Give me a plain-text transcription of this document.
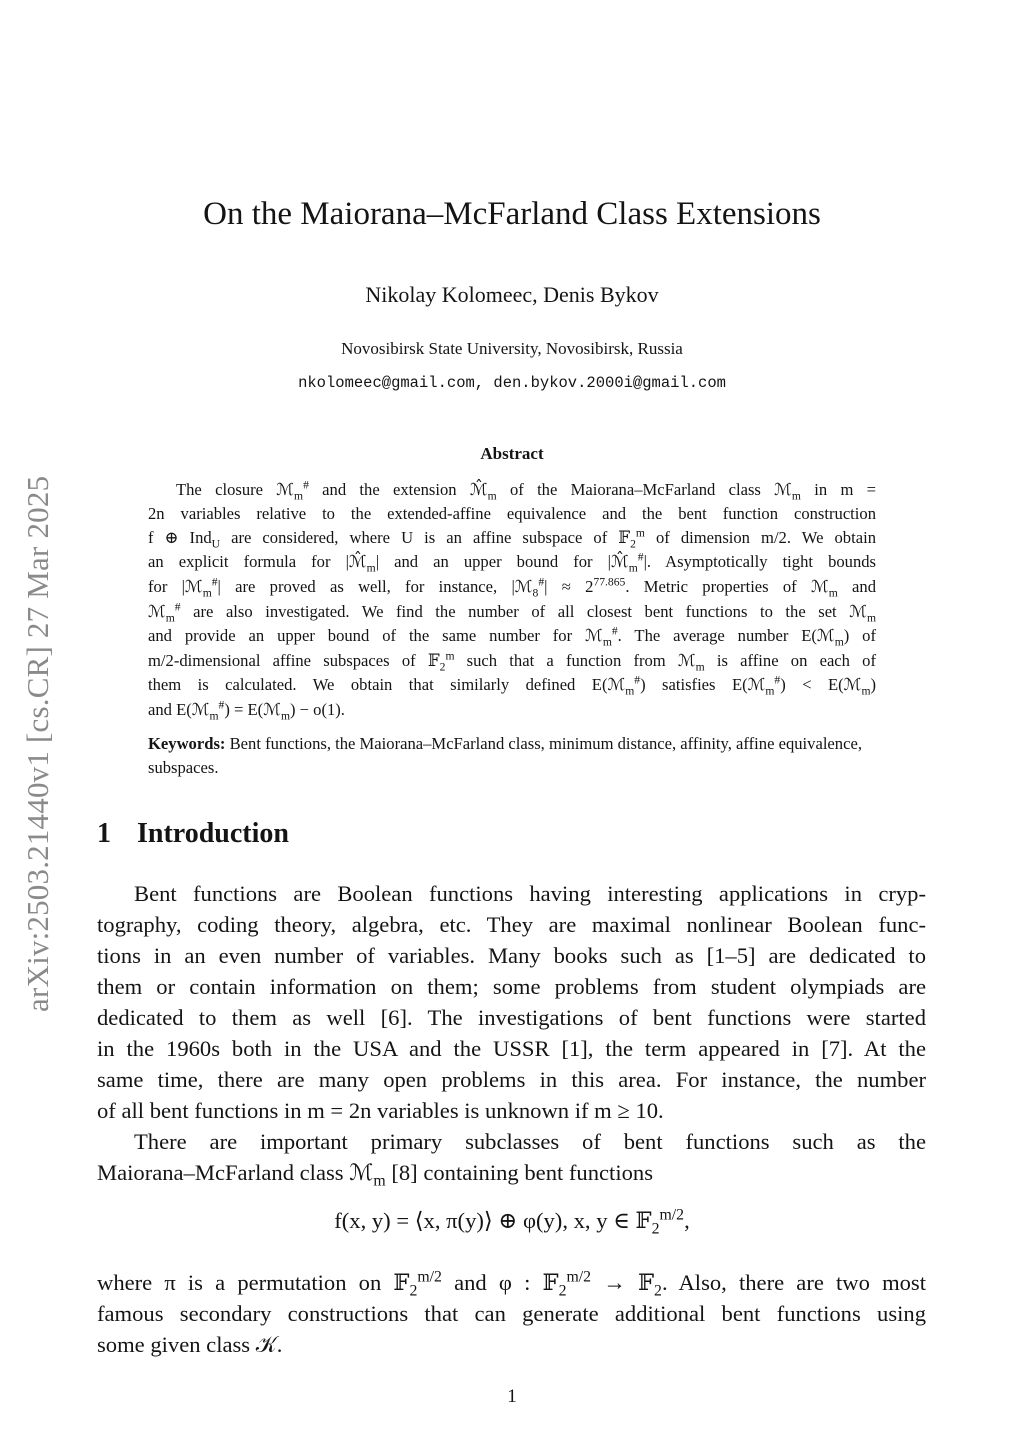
arXiv:2503.21440v1 [cs.CR] 27 Mar 2025
On the Maiorana–McFarland Class Extensions
Nikolay Kolomeec, Denis Bykov
Novosibirsk State University, Novosibirsk, Russia
nkolomeec@gmail.com, den.bykov.2000i@gmail.com
Abstract
The closure ℳ$_m$# and the extension $ℳ̂_m$ of the Maiorana–McFarland class ℳ$_m$ in m =
2n variables relative to the extended-affine equivalence and the bent function construction
f ⊕ Ind$_U$ are considered, where U is an affine subspace of 𝔽$_2^m$ of dimension m/2. We obtain
an explicit formula for $|ℳ̂_m|$ and an upper bound for $|ℳ̂_m^{\#}|$. Asymptotically tight bounds
for |ℳ$_m$#| are proved as well, for instance, |ℳ$_8$#| ≈ $2^{77.865}$. Metric properties of ℳ$_m$ and
ℳ$_m$# are also investigated. We find the number of all closest bent functions to the set ℳ$_m$
and provide an upper bound of the same number for ℳ$_m$#. The average number E(ℳ$_m$) of
m/2-dimensional affine subspaces of 𝔽$_2^m$ such that a function from ℳ$_m$ is affine on each of
them is calculated. We obtain that similarly defined E(ℳ$_m$#) satisfies E(ℳ$_m$#) < E(ℳ$_m$)
and E(ℳ$_m$#) = E(ℳ$_m$) − o(1).
Keywords: Bent functions, the Maiorana–McFarland class, minimum distance, affinity, affine equivalence, subspaces.
1 Introduction
Bent functions are Boolean functions having interesting applications in cryp-
tography, coding theory, algebra, etc. They are maximal nonlinear Boolean func-
tions in an even number of variables. Many books such as [1–5] are dedicated to
them or contain information on them; some problems from student olympiads are
dedicated to them as well [6]. The investigations of bent functions were started
in the 1960s both in the USA and the USSR [1], the term appeared in [7]. At the
same time, there are many open problems in this area. For instance, the number
of all bent functions in m = 2n variables is unknown if m ≥ 10.
There are important primary subclasses of bent functions such as the
Maiorana–McFarland class ℳ$_m$ [8] containing bent functions
f(x, y) = ⟨x, π(y)⟩ ⊕ φ(y), x, y ∈ 𝔽$_2^{m/2}$,
where π is a permutation on 𝔽$_2^{m/2}$ and φ : 𝔽$_2^{m/2}$ → 𝔽$_2$. Also, there are two most
famous secondary constructions that can generate additional bent functions using
some given class 𝒦.
1
